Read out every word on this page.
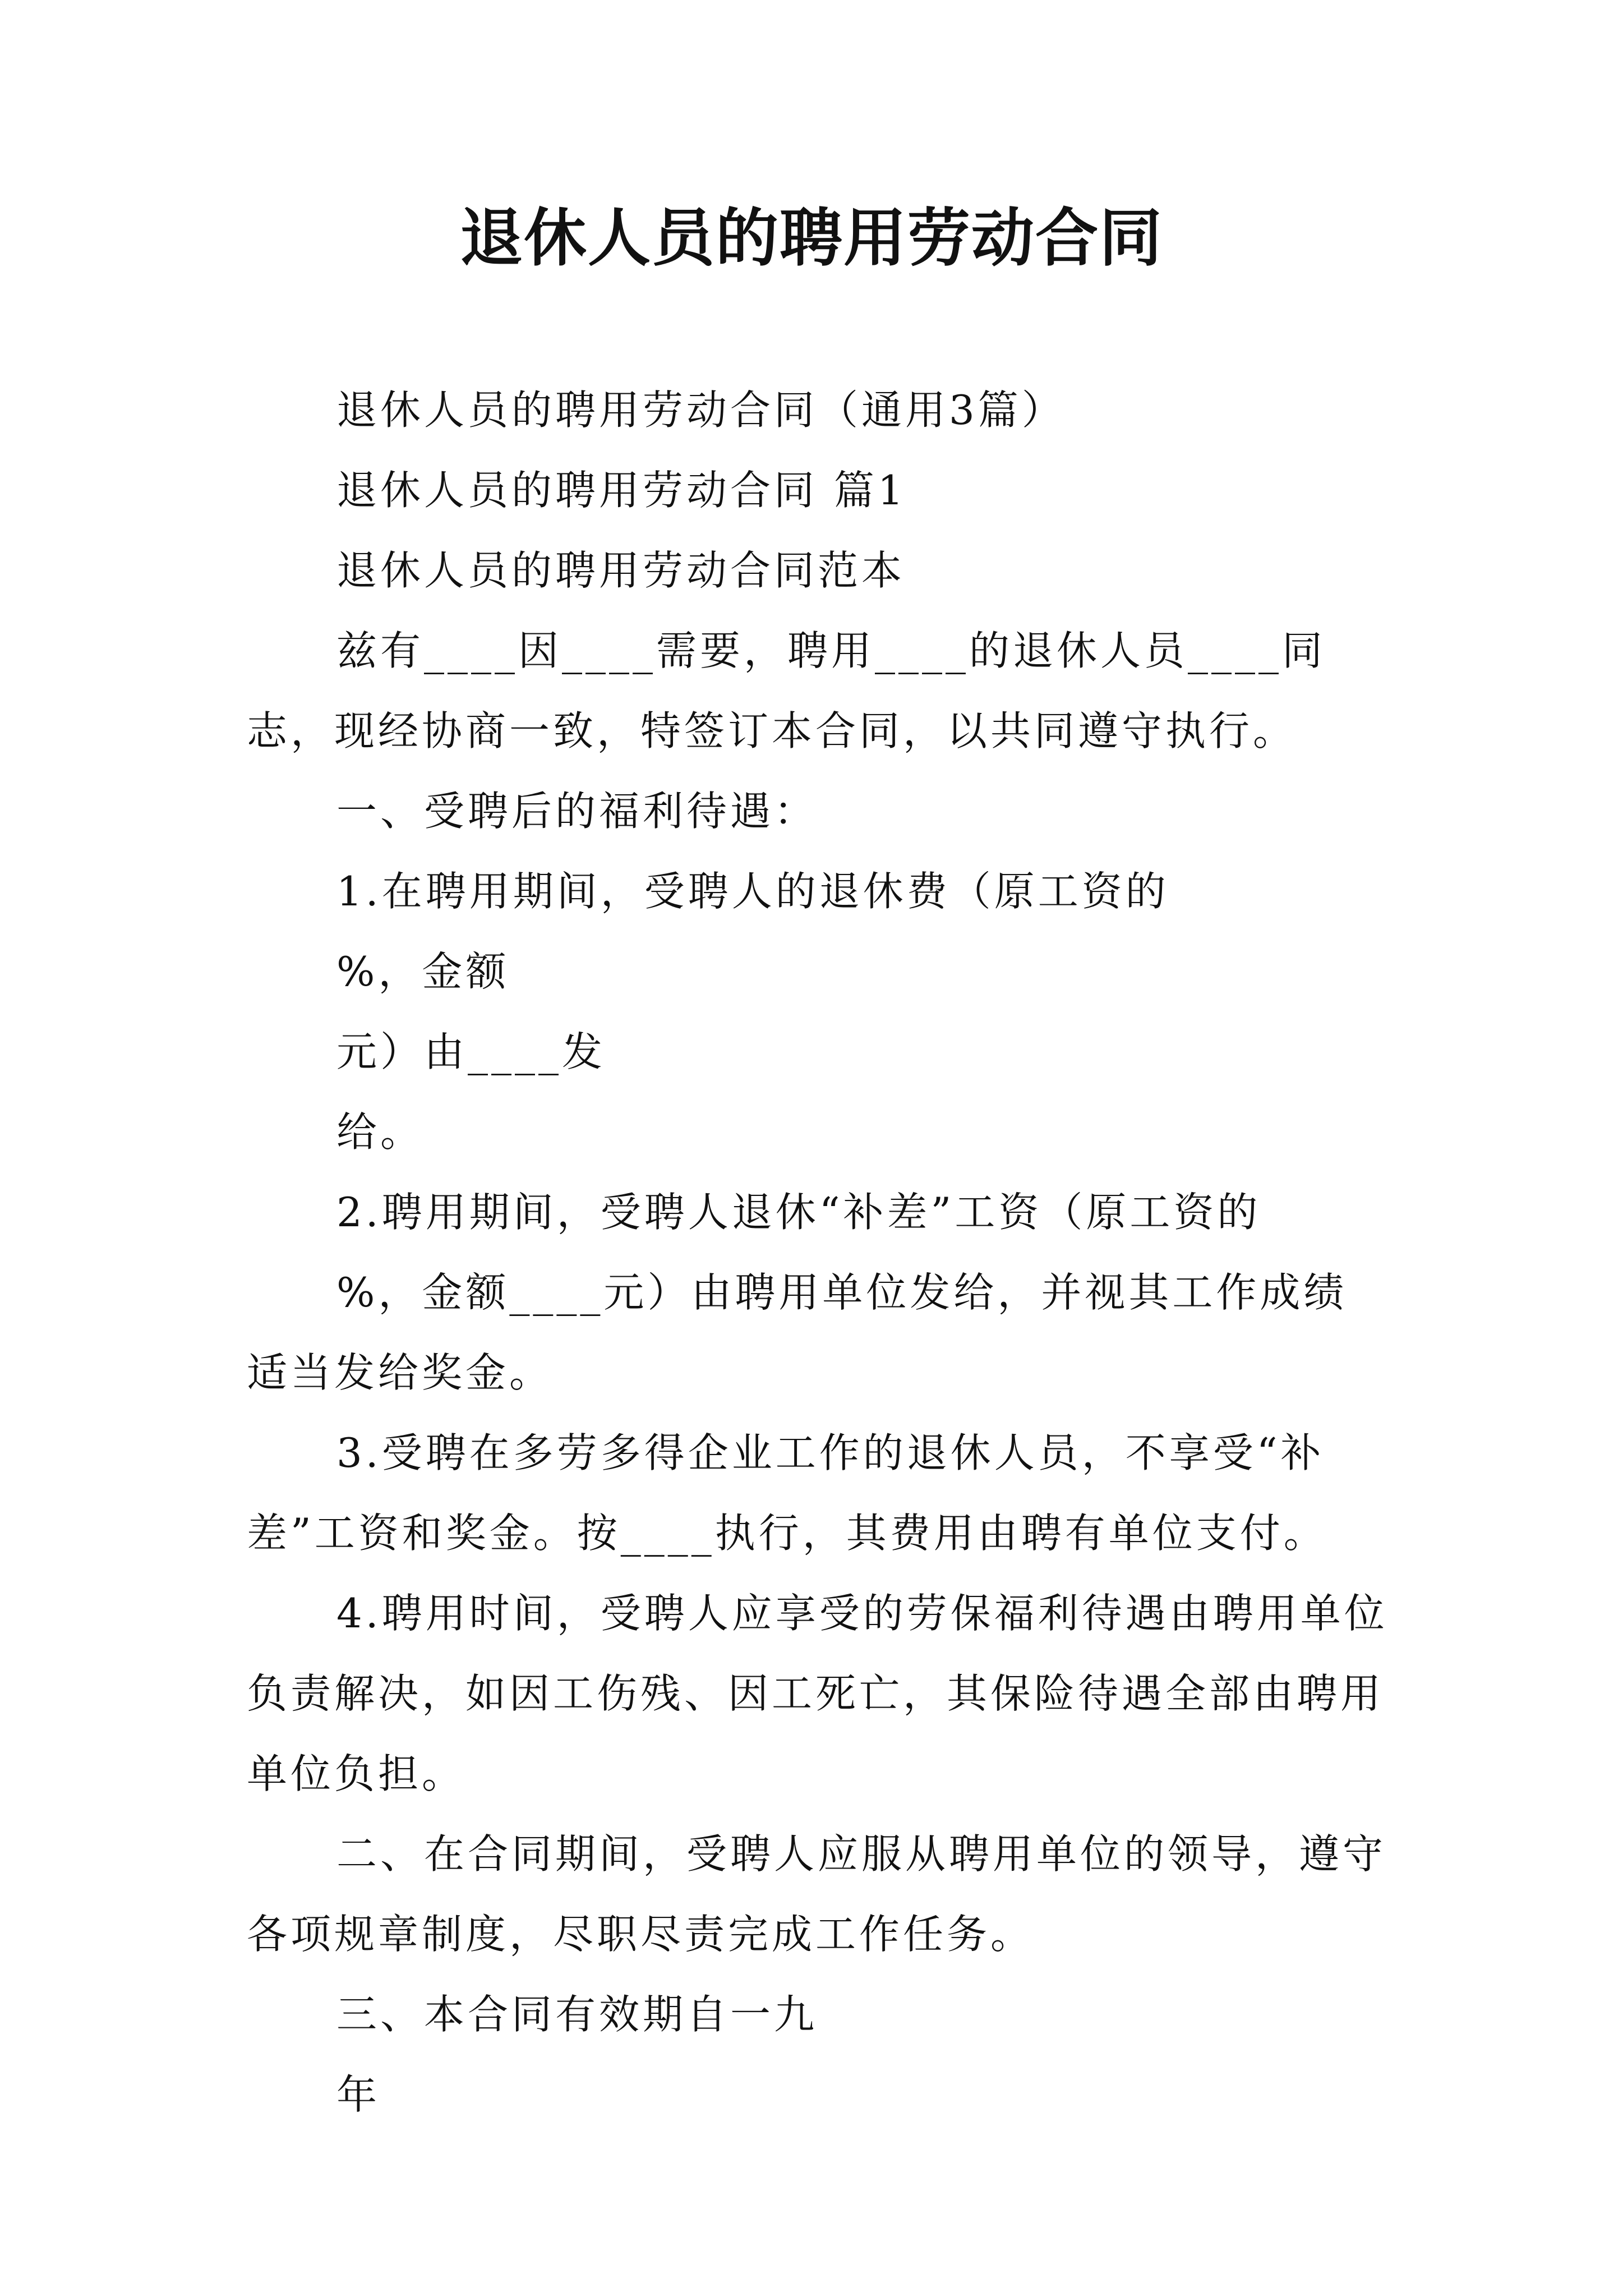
退休人员的聘用劳动合同

退休人员的聘用劳动合同（通用3篇）

退休人员的聘用劳动合同 篇1

退休人员的聘用劳动合同范本

兹有____因____需要，聘用____的退休人员____同志，现经协商一致，特签订本合同，以共同遵守执行。

一、受聘后的福利待遇：

1.在聘用期间，受聘人的退休费（原工资的

%，金额

元）由____发

给。

2.聘用期间，受聘人退休“补差”工资（原工资的

%，金额____元）由聘用单位发给，并视其工作成绩适当发给奖金。

3.受聘在多劳多得企业工作的退休人员，不享受“补差”工资和奖金。按____执行，其费用由聘有单位支付。

4.聘用时间，受聘人应享受的劳保福利待遇由聘用单位负责解决，如因工伤残、因工死亡，其保险待遇全部由聘用单位负担。

二、在合同期间，受聘人应服从聘用单位的领导，遵守各项规章制度，尽职尽责完成工作任务。

三、本合同有效期自一九

年
